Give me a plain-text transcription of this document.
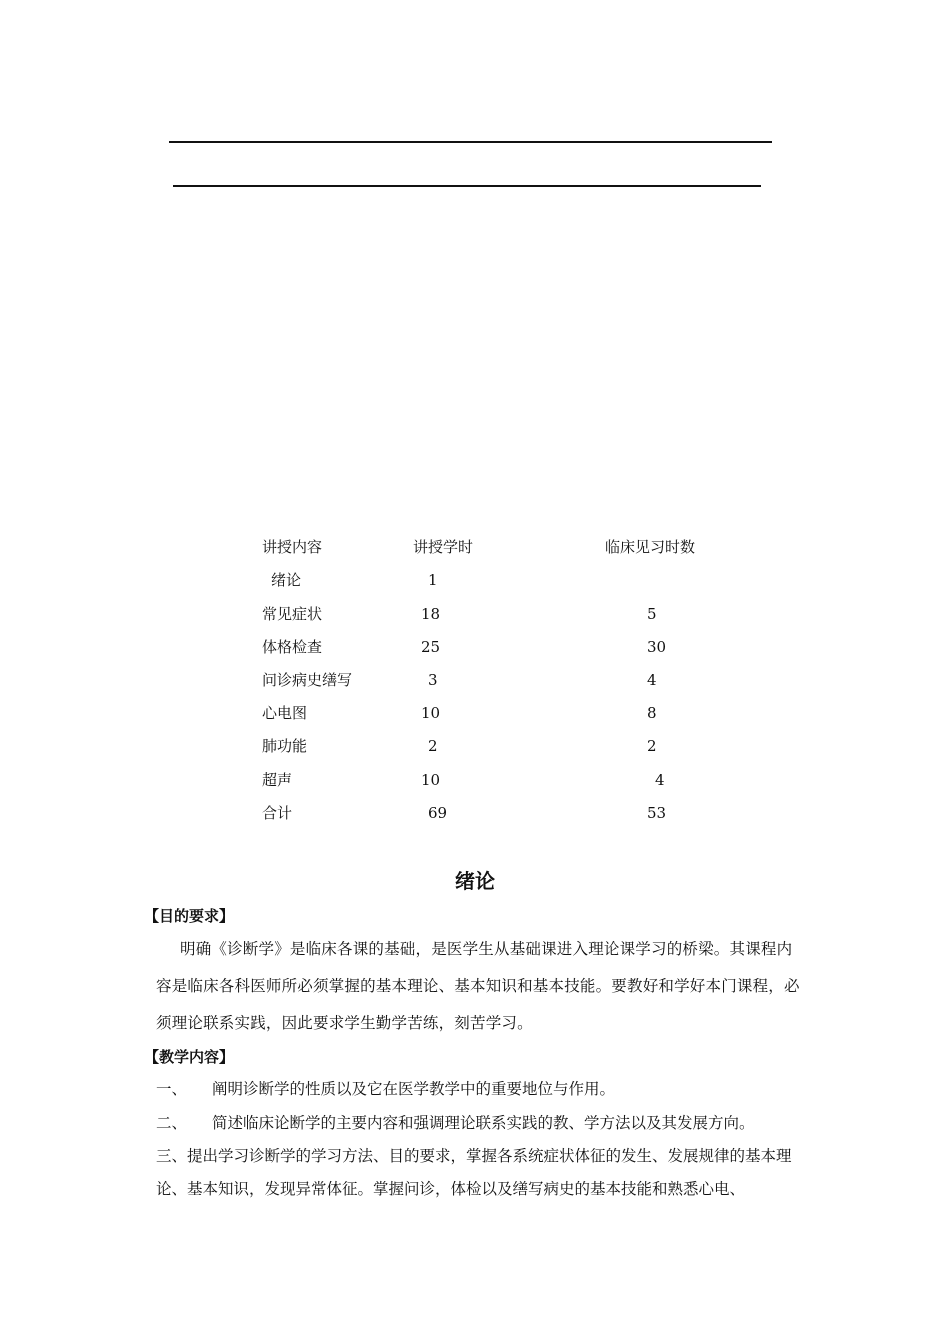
讲授内容	讲授学时	临床见习时数
绪论	1
常见症状	18	5
体格检查	25	30
问诊病史缮写	3	4
心电图	10	8
肺功能	2	2
超声	10	4
合计	69	53
绪论
【目的要求】
明确《诊断学》是临床各课的基础，是医学生从基础课进入理论课学习的桥梁。其课程内容是临床各科医师所必须掌握的基本理论、基本知识和基本技能。要教好和学好本门课程，必须理论联系实践，因此要求学生勤学苦练，刻苦学习。
【教学内容】
一、 阐明诊断学的性质以及它在医学教学中的重要地位与作用。
二、 简述临床论断学的主要内容和强调理论联系实践的教、学方法以及其发展方向。
三、提出学习诊断学的学习方法、目的要求，掌握各系统症状体征的发生、发展规律的基本理论、基本知识，发现异常体征。掌握问诊，体检以及缮写病史的基本技能和熟悉心电、
